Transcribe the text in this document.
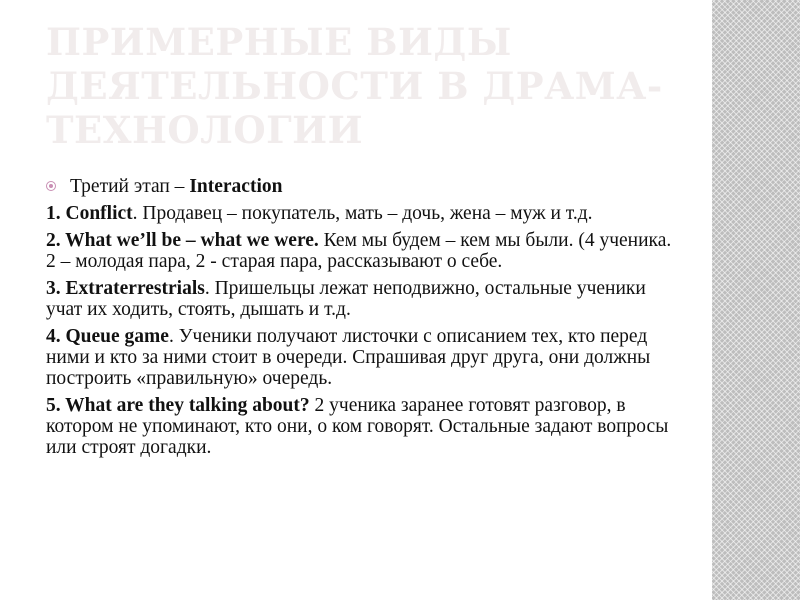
ПРИМЕРНЫЕ ВИДЫ ДЕЯТЕЛЬНОСТИ В ДРАМА-ТЕХНОЛОГИИ
Третий этап – Interaction
1. Conflict. Продавец – покупатель, мать – дочь, жена – муж и т.д.
2. What we’ll be – what we were. Кем мы будем – кем мы были. (4 ученика. 2 – молодая пара, 2 - старая пара, рассказывают о себе.
3. Extraterrestrials. Пришельцы лежат неподвижно, остальные ученики учат их ходить, стоять, дышать и т.д.
4. Queue game. Ученики получают листочки с описанием тех, кто перед ними и кто за ними стоит в очереди. Спрашивая друг друга, они должны построить «правильную» очередь.
5. What are they talking about? 2 ученика заранее готовят разговор, в котором не упоминают, кто они, о ком говорят. Остальные задают вопросы или строят догадки.
